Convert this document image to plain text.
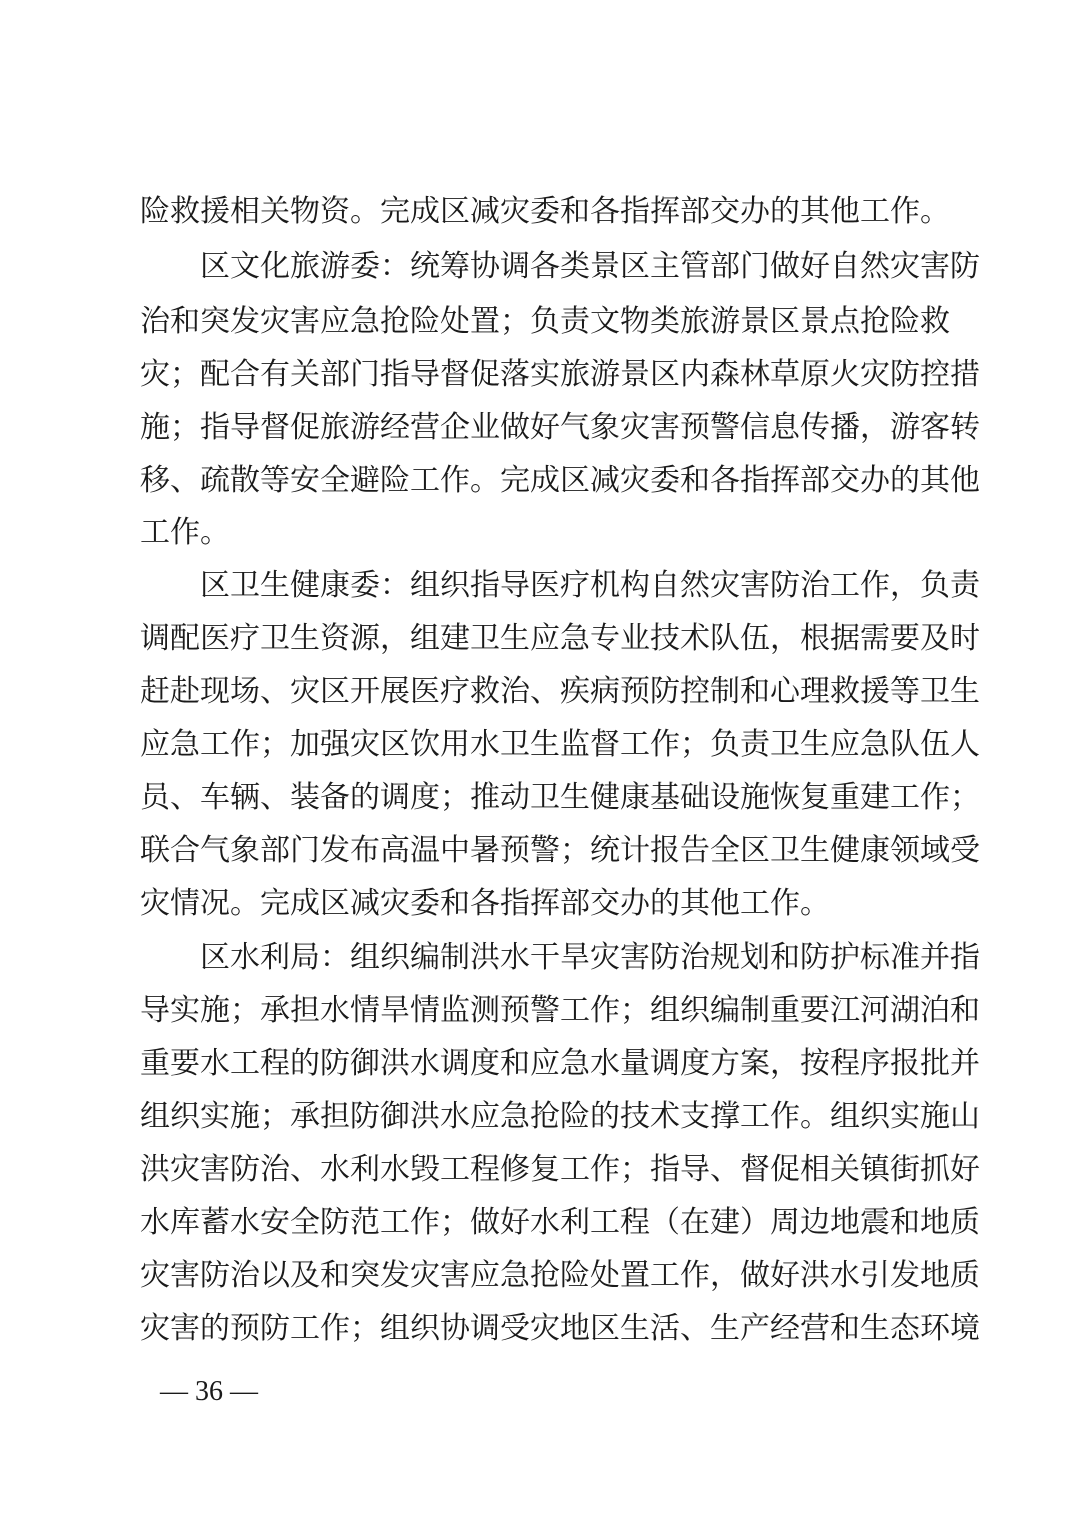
险救援相关物资。完成区减灾委和各指挥部交办的其他工作。
区文化旅游委：统筹协调各类景区主管部门做好自然灾害防
治和突发灾害应急抢险处置；负责文物类旅游景区景点抢险救
灾；配合有关部门指导督促落实旅游景区内森林草原火灾防控措
施；指导督促旅游经营企业做好气象灾害预警信息传播，游客转
移、疏散等安全避险工作。完成区减灾委和各指挥部交办的其他
工作。
区卫生健康委：组织指导医疗机构自然灾害防治工作，负责
调配医疗卫生资源，组建卫生应急专业技术队伍，根据需要及时
赶赴现场、灾区开展医疗救治、疾病预防控制和心理救援等卫生
应急工作；加强灾区饮用水卫生监督工作；负责卫生应急队伍人
员、车辆、装备的调度；推动卫生健康基础设施恢复重建工作；
联合气象部门发布高温中暑预警；统计报告全区卫生健康领域受
灾情况。完成区减灾委和各指挥部交办的其他工作。
区水利局：组织编制洪水干旱灾害防治规划和防护标准并指
导实施；承担水情旱情监测预警工作；组织编制重要江河湖泊和
重要水工程的防御洪水调度和应急水量调度方案，按程序报批并
组织实施；承担防御洪水应急抢险的技术支撑工作。组织实施山
洪灾害防治、水利水毁工程修复工作；指导、督促相关镇街抓好
水库蓄水安全防范工作；做好水利工程（在建）周边地震和地质
灾害防治以及和突发灾害应急抢险处置工作，做好洪水引发地质
灾害的预防工作；组织协调受灾地区生活、生产经营和生态环境
— 36 —
